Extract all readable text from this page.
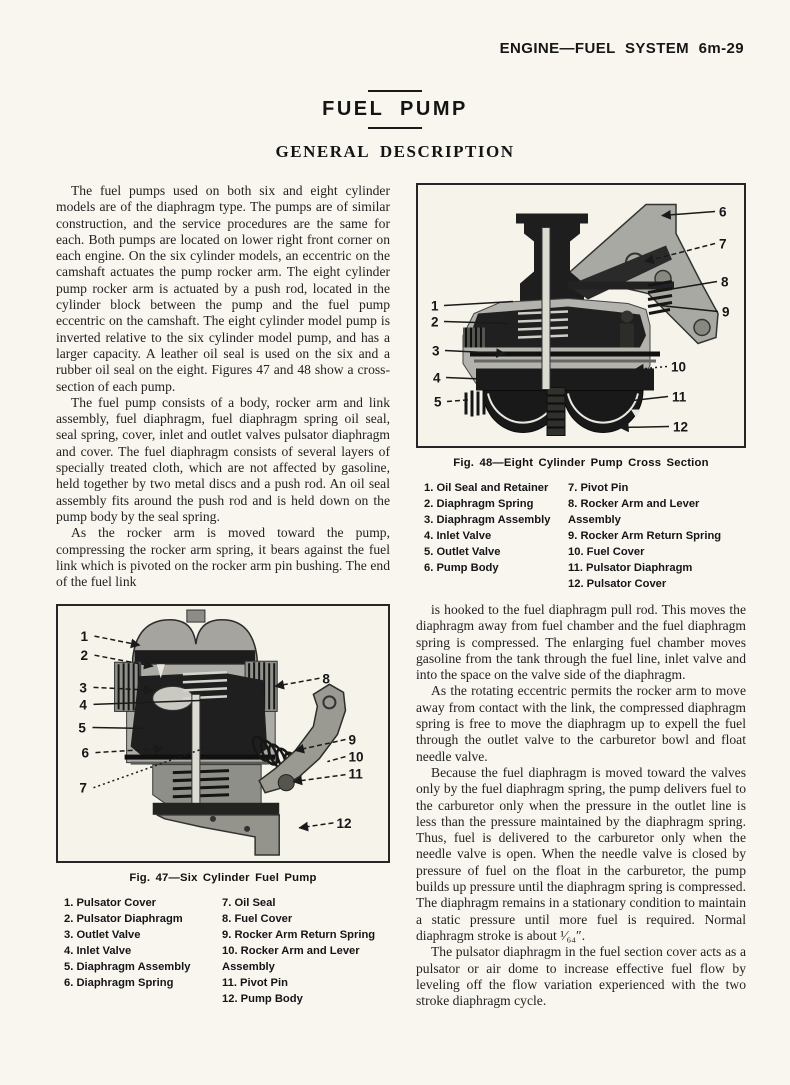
ENGINE—FUEL SYSTEM 6m-29
FUEL PUMP
GENERAL DESCRIPTION

The fuel pumps used on both six and eight cylinder models are of the diaphragm type. The pumps are of similar construction, and the service procedures are the same for each. Both pumps are located on lower right front corner on each engine. On the six cylinder models, an eccentric on the camshaft actuates the pump rocker arm. The eight cylinder pump rocker arm is actuated by a push rod, located in the cylinder block between the pump and the fuel pump eccentric on the camshaft. The eight cylinder model pump is inverted relative to the six cylinder model pump, and has a larger capacity. A leather oil seal is used on the six and a rubber oil seal on the eight. Figures 47 and 48 show a cross-section of each pump.

The fuel pump consists of a body, rocker arm and link assembly, fuel diaphragm, fuel diaphragm spring oil seal, seal spring, cover, inlet and outlet valves pulsator diaphragm and cover. The fuel diaphragm consists of several layers of specially treated cloth, which are not affected by gasoline, held together by two metal discs and a push rod. An oil seal assembly fits around the push rod and is held down on the pump body by the seal spring.

As the rocker arm is moved toward the pump, compressing the rocker arm spring, it bears against the fuel link which is pivoted on the rocker arm pin bushing. The end of the fuel link

1
2
3
4
5
6
7
8
9
10
11
12
Fig. 47—Six Cylinder Fuel Pump
1. Pulsator Cover
2. Pulsator Diaphragm
3. Outlet Valve
4. Inlet Valve
5. Diaphragm Assembly
6. Diaphragm Spring
7. Oil Seal
8. Fuel Cover
9. Rocker Arm Return Spring
10. Rocker Arm and Lever Assembly
11. Pivot Pin
12. Pump Body
1
2
3
4
5
6
7
8
9
10
11
12
Fig. 48—Eight Cylinder Pump Cross Section
1. Oil Seal and Retainer
2. Diaphragm Spring
3. Diaphragm Assembly
4. Inlet Valve
5. Outlet Valve
6. Pump Body
7. Pivot Pin
8. Rocker Arm and Lever Assembly
9. Rocker Arm Return Spring
10. Fuel Cover
11. Pulsator Diaphragm
12. Pulsator Cover

is hooked to the fuel diaphragm pull rod. This moves the diaphragm away from fuel chamber and the fuel diaphragm spring is compressed. The enlarging fuel chamber moves gasoline from the tank through the fuel line, inlet valve and into the space on the valve side of the diaphragm.

As the rotating eccentric permits the rocker arm to move away from contact with the link, the compressed diaphragm spring is free to move the diaphragm up to expell the fuel through the outlet valve to the carburetor bowl and float needle valve.

Because the fuel diaphragm is moved toward the valves only by the fuel diaphragm spring, the pump delivers fuel to the carburetor only when the pressure in the outlet line is less than the pressure maintained by the diaphragm spring. Thus, fuel is delivered to the carburetor only when the needle valve is open. When the needle valve is closed by pressure of fuel on the float in the carburetor, the pump builds up pressure until the diaphragm spring is compressed. The diaphragm remains in a stationary condition to maintain a static pressure until more fuel is required. Normal diaphragm stroke is about ¹⁄₆₄″.

The pulsator diaphragm in the fuel section cover acts as a pulsator or air dome to increase effective fuel flow by leveling off the flow variation experienced with the two stroke diaphragm cycle.
